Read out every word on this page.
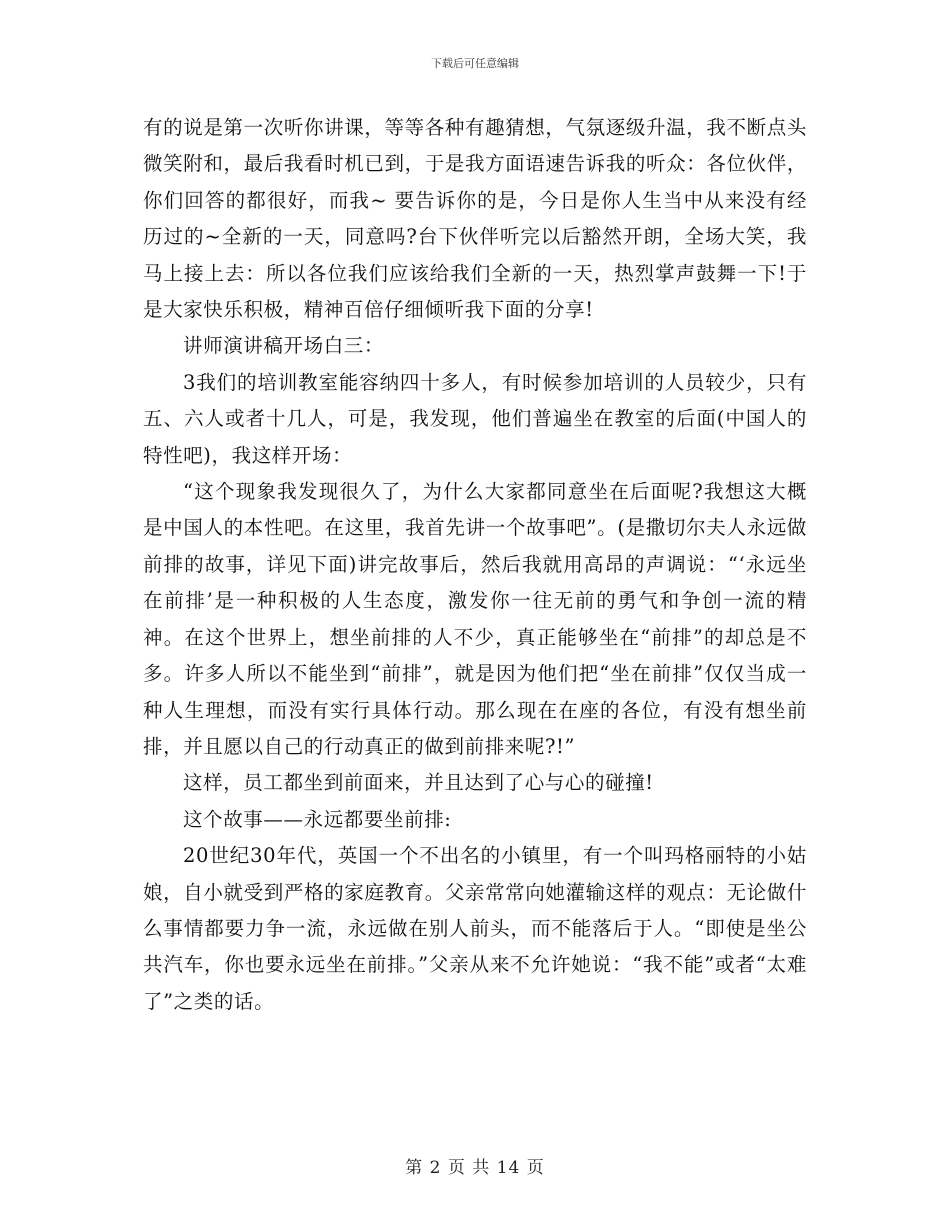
下载后可任意编辑

有的说是第一次听你讲课，等等各种有趣猜想，气氛逐级升温，我不断点头微笑附和，最后我看时机已到，于是我方面语速告诉我的听众：各位伙伴，你们回答的都很好，而我~ 要告诉你的是，今日是你人生当中从来没有经历过的~全新的一天，同意吗?台下伙伴听完以后豁然开朗，全场大笑，我马上接上去：所以各位我们应该给我们全新的一天，热烈掌声鼓舞一下!于是大家快乐积极，精神百倍仔细倾听我下面的分享!

讲师演讲稿开场白三：

3我们的培训教室能容纳四十多人，有时候参加培训的人员较少，只有五、六人或者十几人，可是，我发现，他们普遍坐在教室的后面(中国人的特性吧)，我这样开场：

“这个现象我发现很久了，为什么大家都同意坐在后面呢?我想这大概是中国人的本性吧。在这里，我首先讲一个故事吧”。(是撒切尔夫人永远做前排的故事，详见下面)讲完故事后，然后我就用高昂的声调说：“‘永远坐在前排’是一种积极的人生态度，激发你一往无前的勇气和争创一流的精神。在这个世界上，想坐前排的人不少，真正能够坐在“前排”的却总是不多。许多人所以不能坐到“前排”，就是因为他们把“坐在前排”仅仅当成一种人生理想，而没有实行具体行动。那么现在在座的各位，有没有想坐前排，并且愿以自己的行动真正的做到前排来呢?!”

这样，员工都坐到前面来，并且达到了心与心的碰撞!

这个故事——永远都要坐前排:

20世纪30年代，英国一个不出名的小镇里，有一个叫玛格丽特的小姑娘，自小就受到严格的家庭教育。父亲常常向她灌输这样的观点：无论做什么事情都要力争一流，永远做在别人前头，而不能落后于人。“即使是坐公共汽车，你也要永远坐在前排。”父亲从来不允许她说：“我不能”或者“太难了”之类的话。

第 2 页 共 14 页
